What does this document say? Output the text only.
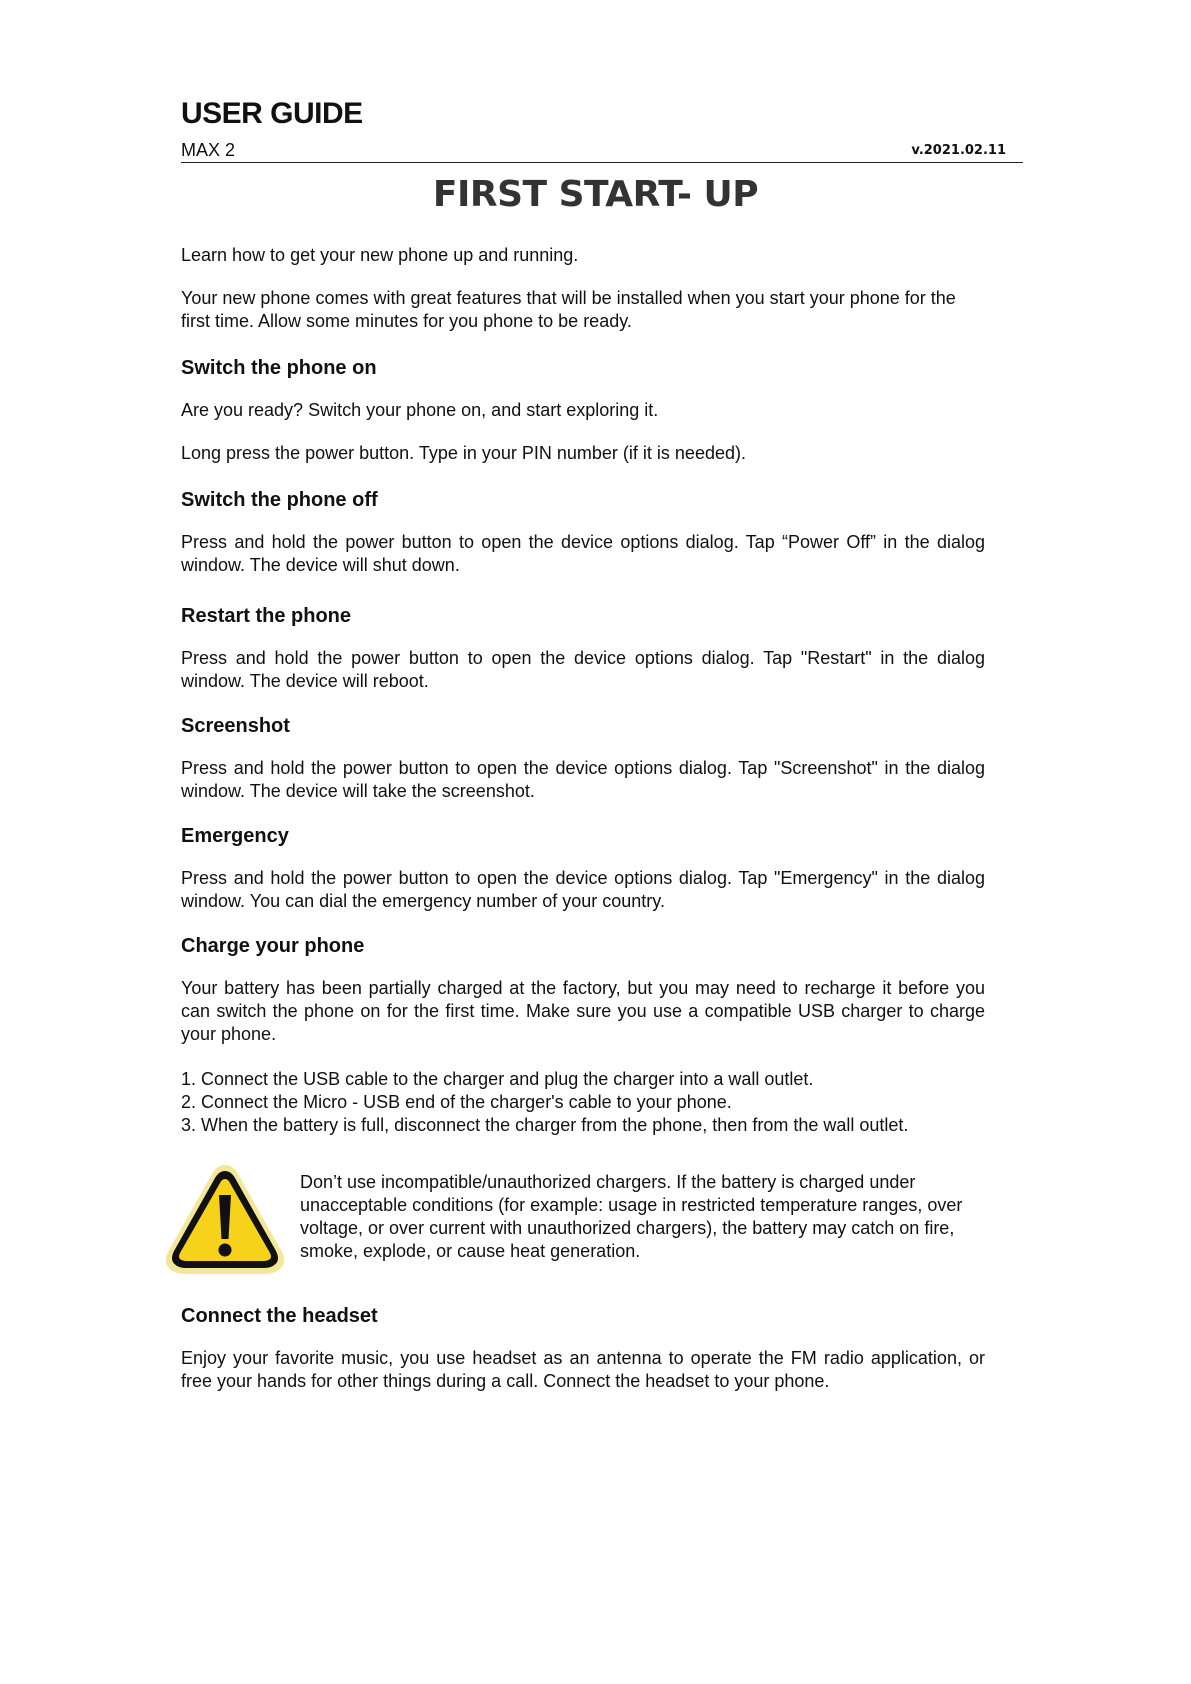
USER GUIDE
MAX 2	v.2021.02.11
FIRST START- UP

Learn how to get your new phone up and running.

Your new phone comes with great features that will be installed when you start your phone for the first time. Allow some minutes for you phone to be ready.

Switch the phone on

Are you ready? Switch your phone on, and start exploring it.

Long press the power button. Type in your PIN number (if it is needed).

Switch the phone off

Press and hold the power button to open the device options dialog. Tap “Power Off” in the dialog window. The device will shut down.

Restart the phone

Press and hold the power button to open the device options dialog. Tap "Restart" in the dialog window. The device will reboot.

Screenshot

Press and hold the power button to open the device options dialog. Tap "Screenshot" in the dialog window. The device will take the screenshot.

Emergency

Press and hold the power button to open the device options dialog. Tap "Emergency" in the dialog window. You can dial the emergency number of your country.

Charge your phone

Your battery has been partially charged at the factory, but you may need to recharge it before you can switch the phone on for the first time. Make sure you use a compatible USB charger to charge your phone.

1. Connect the USB cable to the charger and plug the charger into a wall outlet.

2. Connect the Micro - USB end of the charger's cable to your phone.

3. When the battery is full, disconnect the charger from the phone, then from the wall outlet.

Don’t use incompatible/unauthorized chargers. If the battery is charged under unacceptable conditions (for example: usage in restricted temperature ranges, over voltage, or over current with unauthorized chargers), the battery may catch on fire, smoke, explode, or cause heat generation.

Connect the headset

Enjoy your favorite music, you use headset as an antenna to operate the FM radio application, or free your hands for other things during a call. Connect the headset to your phone.
